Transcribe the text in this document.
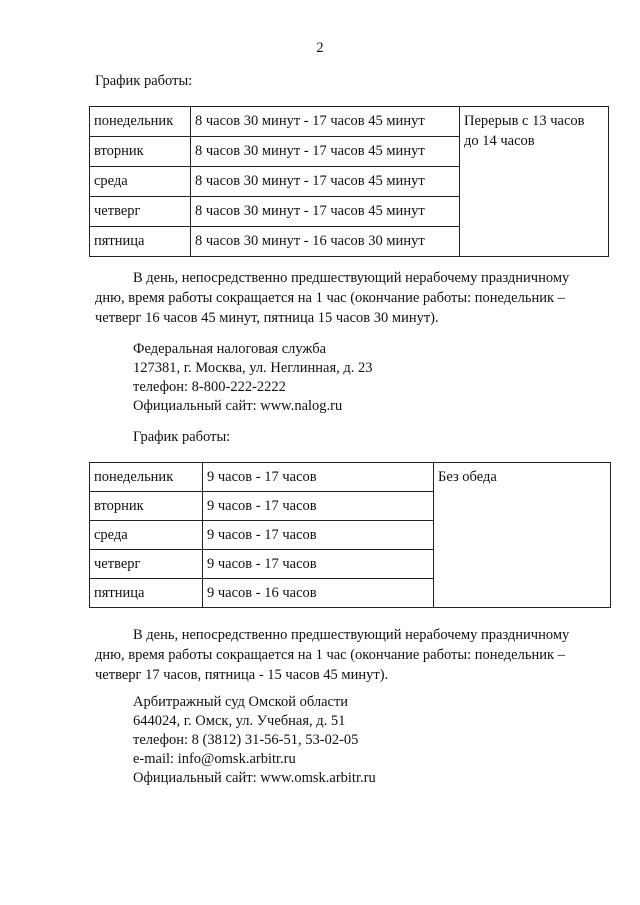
2
График работы:
понедельник	8 часов 30 минут - 17 часов 45 минут	Перерыв с 13 часов
до 14 часов
вторник	8 часов 30 минут - 17 часов 45 минут	
среда	8 часов 30 минут - 17 часов 45 минут	
четверг	8 часов 30 минут - 17 часов 45 минут	
пятница	8 часов 30 минут - 16 часов 30 минут	
В день, непосредственно предшествующий нерабочему праздничному
дню, время работы сокращается на 1 час (окончание работы: понедельник –
четверг 16 часов 45 минут, пятница 15 часов 30 минут).
Федеральная налоговая служба
127381, г. Москва, ул. Неглинная, д. 23
телефон: 8-800-222-2222
Официальный сайт: www.nalog.ru
График работы:
понедельник	9 часов - 17 часов	Без обеда
вторник	9 часов - 17 часов	
среда	9 часов - 17 часов	
четверг	9 часов - 17 часов	
пятница	9 часов - 16 часов	
В день, непосредственно предшествующий нерабочему праздничному
дню, время работы сокращается на 1 час (окончание работы: понедельник –
четверг 17 часов, пятница - 15 часов 45 минут).
Арбитражный суд Омской области
644024, г. Омск, ул. Учебная, д. 51
телефон: 8 (3812) 31-56-51, 53-02-05
e-mail: info@omsk.arbitr.ru
Официальный сайт: www.omsk.arbitr.ru
